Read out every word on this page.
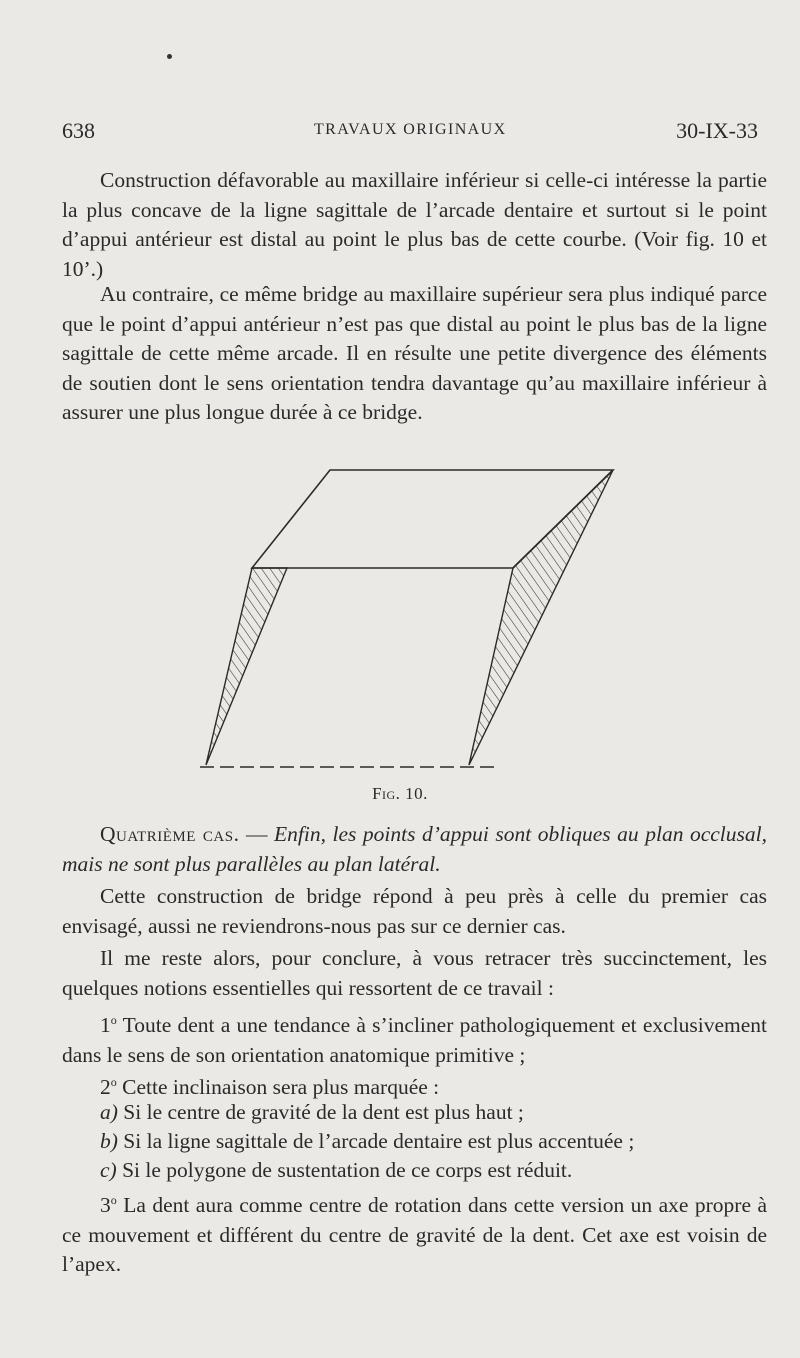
638	TRAVAUX ORIGINAUX	30-IX-33

Construction défavorable au maxillaire inférieur si celle-ci intéresse la partie la plus concave de la ligne sagittale de l’arcade dentaire et surtout si le point d’appui antérieur est distal au point le plus bas de cette courbe. (Voir fig. 10 et 10’.)

Au contraire, ce même bridge au maxillaire supérieur sera plus indiqué parce que le point d’appui antérieur n’est pas que distal au point le plus bas de la ligne sagittale de cette même arcade. Il en résulte une petite divergence des éléments de soutien dont le sens orientation tendra davantage qu’au maxillaire inférieur à assurer une plus longue durée à ce bridge.

Fig. 10.

Quatrième cas. — Enfin, les points d’appui sont obliques au plan occlusal, mais ne sont plus parallèles au plan latéral.

Cette construction de bridge répond à peu près à celle du premier cas envisagé, aussi ne reviendrons-nous pas sur ce dernier cas.

Il me reste alors, pour conclure, à vous retracer très succinctement, les quelques notions essentielles qui ressortent de ce travail :

1$^o$ Toute dent a une tendance à s’incliner pathologiquement et exclusivement dans le sens de son orientation anatomique primitive ;

2$^o$ Cette inclinaison sera plus marquée :

a) Si le centre de gravité de la dent est plus haut ;

b) Si la ligne sagittale de l’arcade dentaire est plus accentuée ;

c) Si le polygone de sustentation de ce corps est réduit.

3$^o$ La dent aura comme centre de rotation dans cette version un axe propre à ce mouvement et différent du centre de gravité de la dent. Cet axe est voisin de l’apex.
